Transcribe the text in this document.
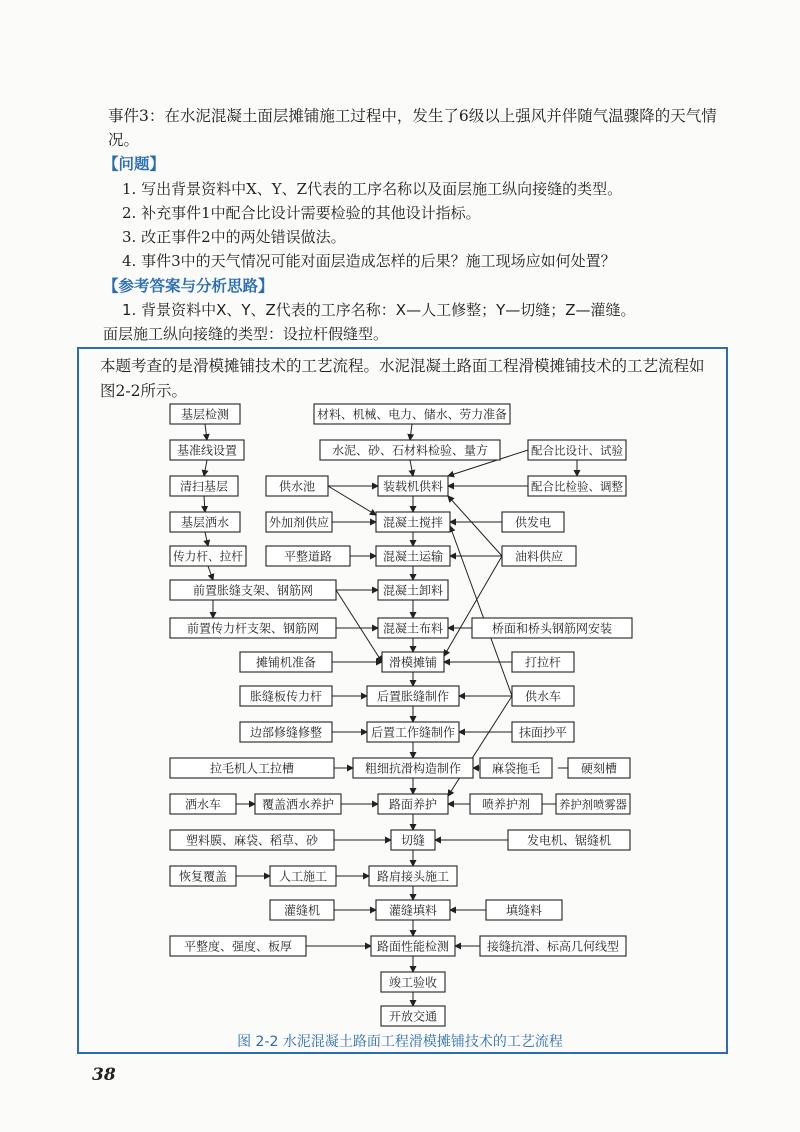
事件3：在水泥混凝土面层摊铺施工过程中，发生了6级以上强风并伴随气温骤降的天气情况。

【问题】
1. 写出背景资料中X、Y、Z代表的工序名称以及面层施工纵向接缝的类型。
2. 补充事件1中配合比设计需要检验的其他设计指标。
3. 改正事件2中的两处错误做法。
4. 事件3中的天气情况可能对面层造成怎样的后果？施工现场应如何处置？
【参考答案与分析思路】
1. 背景资料中X、Y、Z代表的工序名称：X—人工修整；Y—切缝；Z—灌缝。
面层施工纵向接缝的类型：设拉杆假缝型。
本题考查的是滑模摊铺技术的工艺流程。水泥混凝土路面工程滑模摊铺技术的工艺流程如图2-2所示。
基层检测
基准线设置
清扫基层
基层洒水
传力杆、拉杆
前置胀缝支架、钢筋网
前置传力杆支架、钢筋网
材料、机械、电力、储水、劳力准备
水泥、砂、石材料检验、量方
装载机供料
混凝土搅拌
混凝土运输
混凝土卸料
混凝土布料
滑模摊铺
后置胀缝制作
后置工作缝制作
粗细抗滑构造制作
路面养护
切缝
路肩接头施工
灌缝填料
路面性能检测
竣工验收
开放交通
供水池
外加剂供应
平整道路
摊铺机准备
胀缝板传力杆
边部修缝修整
拉毛机人工拉槽
洒水车	覆盖洒水养护
塑料膜、麻袋、稻草、砂
恢复覆盖	人工施工
灌缝机
平整度、强度、板厚
配合比设计、试验
配合比检验、调整
供发电
油料供应
桥面和桥头钢筋网安装
打拉杆
供水车
抹面抄平
麻袋拖毛	硬刻槽
喷养护剂	养护剂喷雾器
发电机、锯缝机
填缝料
接缝抗滑、标高几何线型
图 2-2 水泥混凝土路面工程滑模摊铺技术的工艺流程
38
